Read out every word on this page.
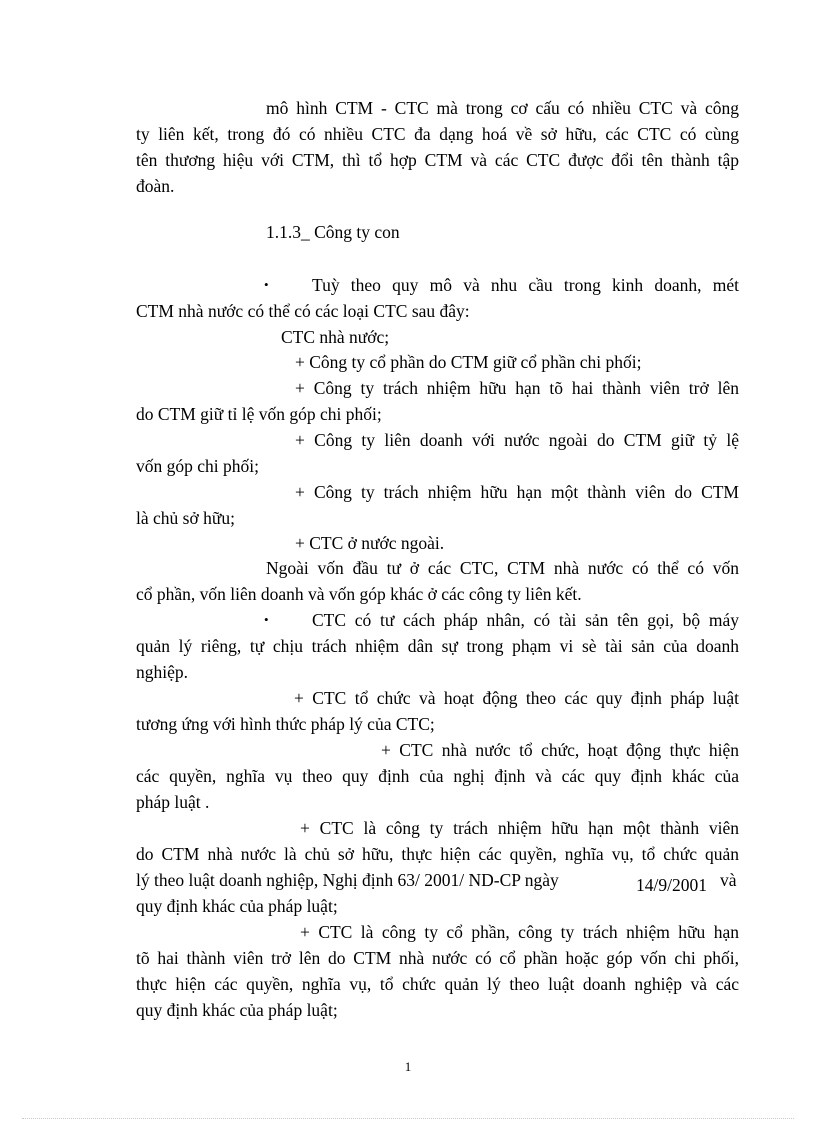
mô hình CTM - CTC mà trong cơ cấu có nhiều CTC và công
ty liên kết, trong đó có nhiều CTC đa dạng hoá về sở hữu, các CTC có cùng
tên thương hiệu với CTM, thì tổ hợp CTM và các CTC được đổi tên thành tập
đoàn.
1.1.3_ Công ty con
• Tuỳ theo quy mô và nhu cầu trong kinh doanh, mét
CTM nhà nước có thể có các loại CTC sau đây:
CTC nhà nước;
+ Công ty cổ phần do CTM giữ cổ phần chi phối;
+ Công ty trách nhiệm hữu hạn tõ hai thành viên trở lên
do CTM giữ tỉ lệ vốn góp chi phối;
+ Công ty liên doanh với nước ngoài do CTM giữ tỷ lệ
vốn góp chi phối;
+ Công ty trách nhiệm hữu hạn một thành viên do CTM
là chủ sở hữu;
+ CTC ở nước ngoài.
Ngoài vốn đầu tư ở các CTC, CTM nhà nước có thể có vốn
cổ phần, vốn liên doanh và vốn góp khác ở các công ty liên kết.
• CTC có tư cách pháp nhân, có tài sản tên gọi, bộ máy
quản lý riêng, tự chịu trách nhiệm dân sự trong phạm vi sè tài sản của doanh
nghiệp.
+ CTC tổ chức và hoạt động theo các quy định pháp luật
tương ứng với hình thức pháp lý của CTC;
+ CTC nhà nước tổ chức, hoạt động thực hiện
các quyền, nghĩa vụ theo quy định của nghị định và các quy định khác của
pháp luật .
+ CTC là công ty trách nhiệm hữu hạn một thành viên
do CTM nhà nước là chủ sở hữu, thực hiện các quyền, nghĩa vụ, tổ chức quản
lý theo luật doanh nghiệp, Nghị định 63/ 2001/ ND-CP ngày	14/9/2001 và
quy định khác của pháp luật;
+ CTC là công ty cổ phần, công ty trách nhiệm hữu hạn
tõ hai thành viên trở lên do CTM nhà nước có cổ phần hoặc góp vốn chi phối,
thực hiện các quyền, nghĩa vụ, tổ chức quản lý theo luật doanh nghiệp và các
quy định khác của pháp luật;
1
